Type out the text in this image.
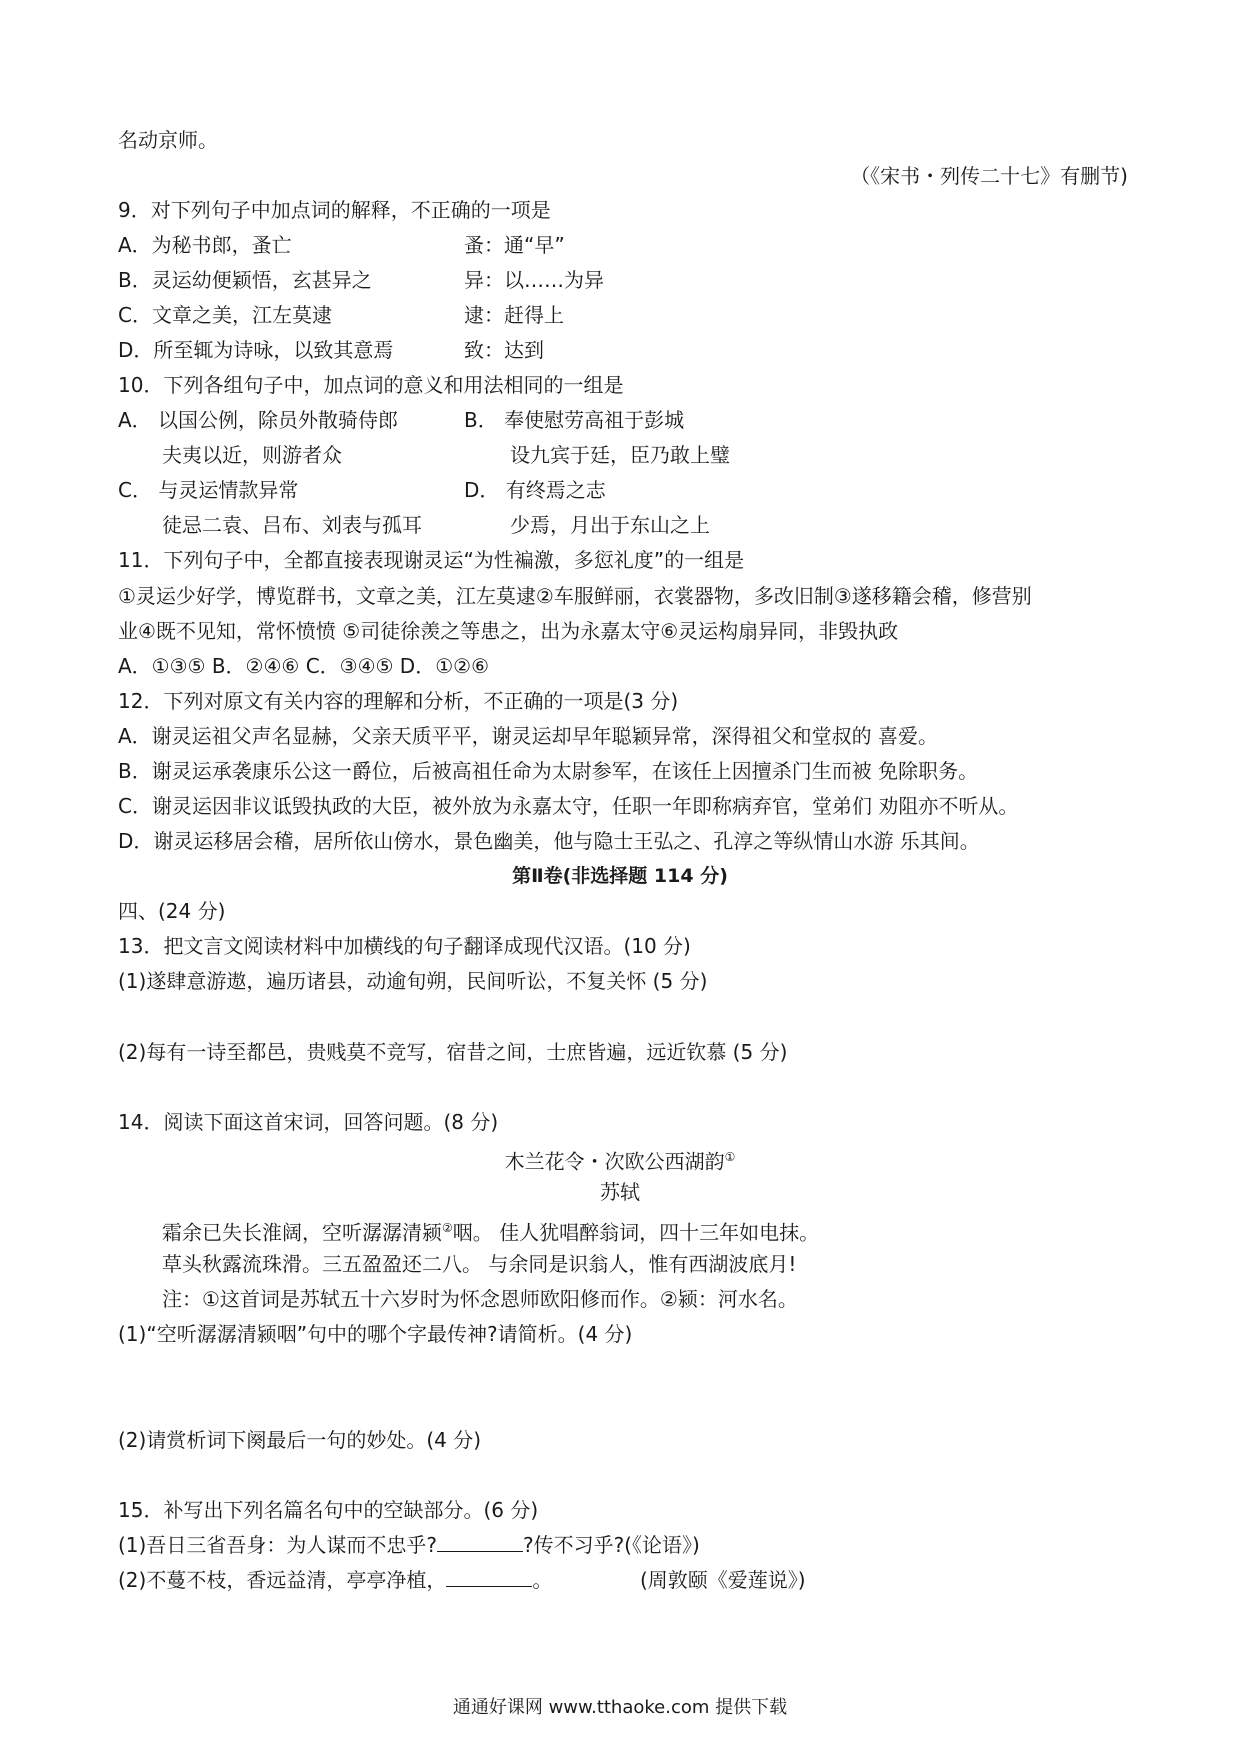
名动京师。
（《宋书・列传二十七》有删节)
9．对下列句子中加点词的解释，不正确的一项是
A．为秘书郎，蚤亡	蚤：通“早”
B．灵运幼便颖悟，玄甚异之	异：以……为异
C．文章之美，江左莫逮	逮：赶得上
D．所至辄为诗咏，以致其意焉	致：达到
10．下列各组句子中，加点词的意义和用法相同的一组是
A． 以国公例，除员外散骑侍郎	B． 奉使慰劳高祖于彭城
夫夷以近，则游者众	设九宾于廷，臣乃敢上璧
C． 与灵运情款异常	D． 有终焉之志
徒忌二袁、吕布、刘表与孤耳	少焉，月出于东山之上
11．下列句子中，全都直接表现谢灵运“为性褊激，多愆礼度”的一组是
①灵运少好学，博览群书，文章之美，江左莫逮②车服鲜丽，衣裳器物，多改旧制③遂移籍会稽，修营别
业④既不见知，常怀愤愤 ⑤司徒徐羡之等患之，出为永嘉太守⑥灵运构扇异同，非毁执政
A．①③⑤ B．②④⑥ C．③④⑤ D．①②⑥
12．下列对原文有关内容的理解和分析，不正确的一项是(3 分)
A．谢灵运祖父声名显赫，父亲天质平平，谢灵运却早年聪颖异常，深得祖父和堂叔的 喜爱。
B．谢灵运承袭康乐公这一爵位，后被高祖任命为太尉参军，在该任上因擅杀门生而被 免除职务。
C．谢灵运因非议诋毁执政的大臣，被外放为永嘉太守，任职一年即称病弃官，堂弟们 劝阻亦不听从。
D．谢灵运移居会稽，居所依山傍水，景色幽美，他与隐士王弘之、孔淳之等纵情山水游 乐其间。
第Ⅱ卷(非选择题 114 分)
四、(24 分)
13．把文言文阅读材料中加横线的句子翻译成现代汉语。(10 分)
(1)遂肆意游遨，遍历诸县，动逾旬朔，民间听讼，不复关怀 (5 分)
(2)每有一诗至都邑，贵贱莫不竞写，宿昔之间，士庶皆遍，远近钦慕 (5 分)
14．阅读下面这首宋词，回答问题。(8 分)
木兰花令・次欧公西湖韵①
苏轼
霜余已失长淮阔，空听潺潺清颍②咽。 佳人犹唱醉翁词，四十三年如电抹。
草头秋露流珠滑。三五盈盈还二八。 与余同是识翁人，惟有西湖波底月!
注：①这首词是苏轼五十六岁时为怀念恩师欧阳修而作。②颍：河水名。
(1)“空听潺潺清颍咽”句中的哪个字最传神?请简析。(4 分)
(2)请赏析词下阕最后一句的妙处。(4 分)
15．补写出下列名篇名句中的空缺部分。(6 分)
(1)吾日三省吾身：为人谋而不忠乎?	?传不习乎?(《论语》)
(2)不蔓不枝，香远益清，亭亭净植，	。	(周敦颐《爱莲说》)
通通好课网 www.tthaoke.com 提供下载
